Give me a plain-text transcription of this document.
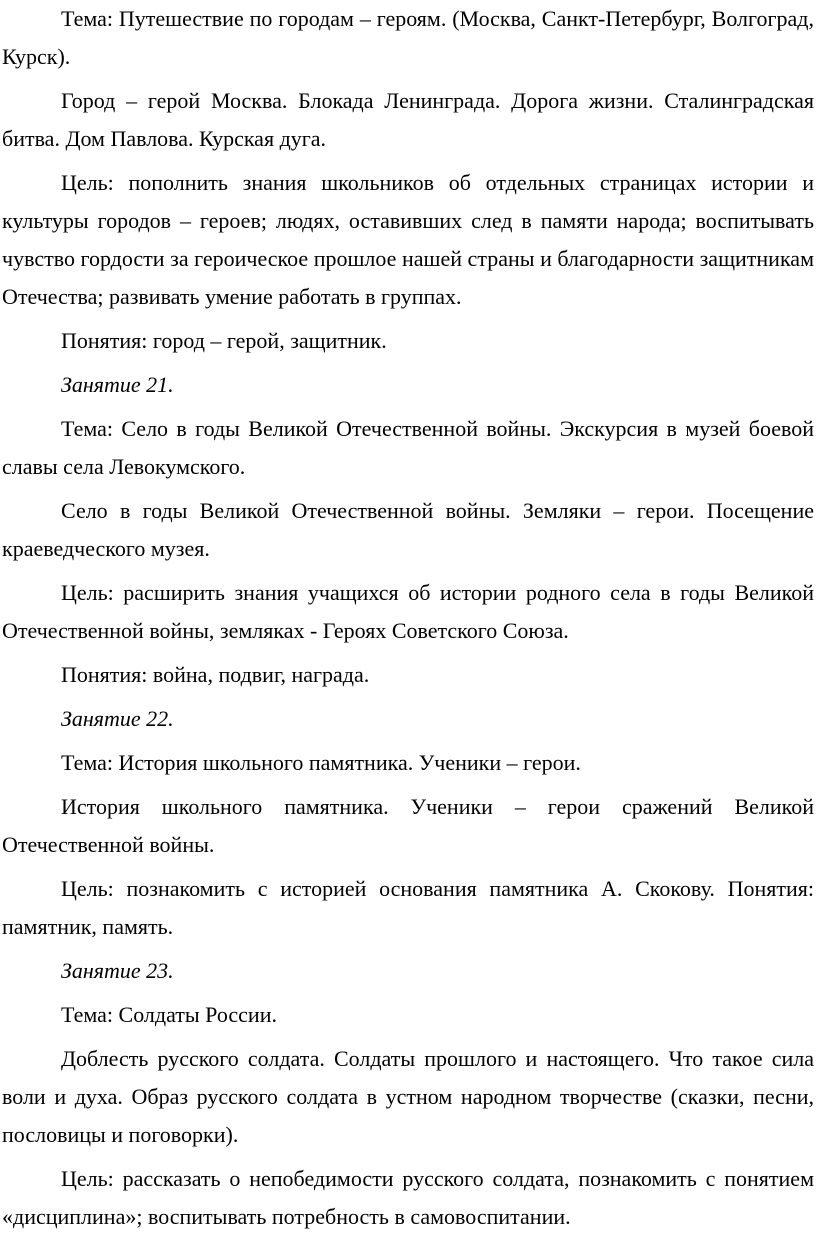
Тема: Путешествие по городам – героям. (Москва, Санкт-Петербург, Волгоград, Курск).

Город – герой Москва. Блокада Ленинграда. Дорога жизни. Сталинградская битва. Дом Павлова. Курская дуга.

Цель: пополнить знания школьников об отдельных страницах истории и культуры городов – героев; людях, оставивших след в памяти народа; воспитывать чувство гордости за героическое прошлое нашей страны и благодарности защитникам Отечества; развивать умение работать в группах.

Понятия: город – герой, защитник.

Занятие 21.

Тема: Село в годы Великой Отечественной войны. Экскурсия в музей боевой славы села Левокумского.

Село в годы Великой Отечественной войны. Земляки – герои. Посещение краеведческого музея.

Цель: расширить знания учащихся об истории родного села в годы Великой Отечественной войны, земляках - Героях Советского Союза.

Понятия: война, подвиг, награда.

Занятие 22.

Тема: История школьного памятника. Ученики – герои.

История школьного памятника. Ученики – герои сражений Великой Отечественной войны.

Цель: познакомить с историей основания памятника А. Скокову. Понятия: памятник, память.

Занятие 23.

Тема: Солдаты России.

Доблесть русского солдата. Солдаты прошлого и настоящего. Что такое сила воли и духа. Образ русского солдата в устном народном творчестве (сказки, песни, пословицы и поговорки).

Цель: рассказать о непобедимости русского солдата, познакомить с понятием «дисциплина»; воспитывать потребность в самовоспитании.
